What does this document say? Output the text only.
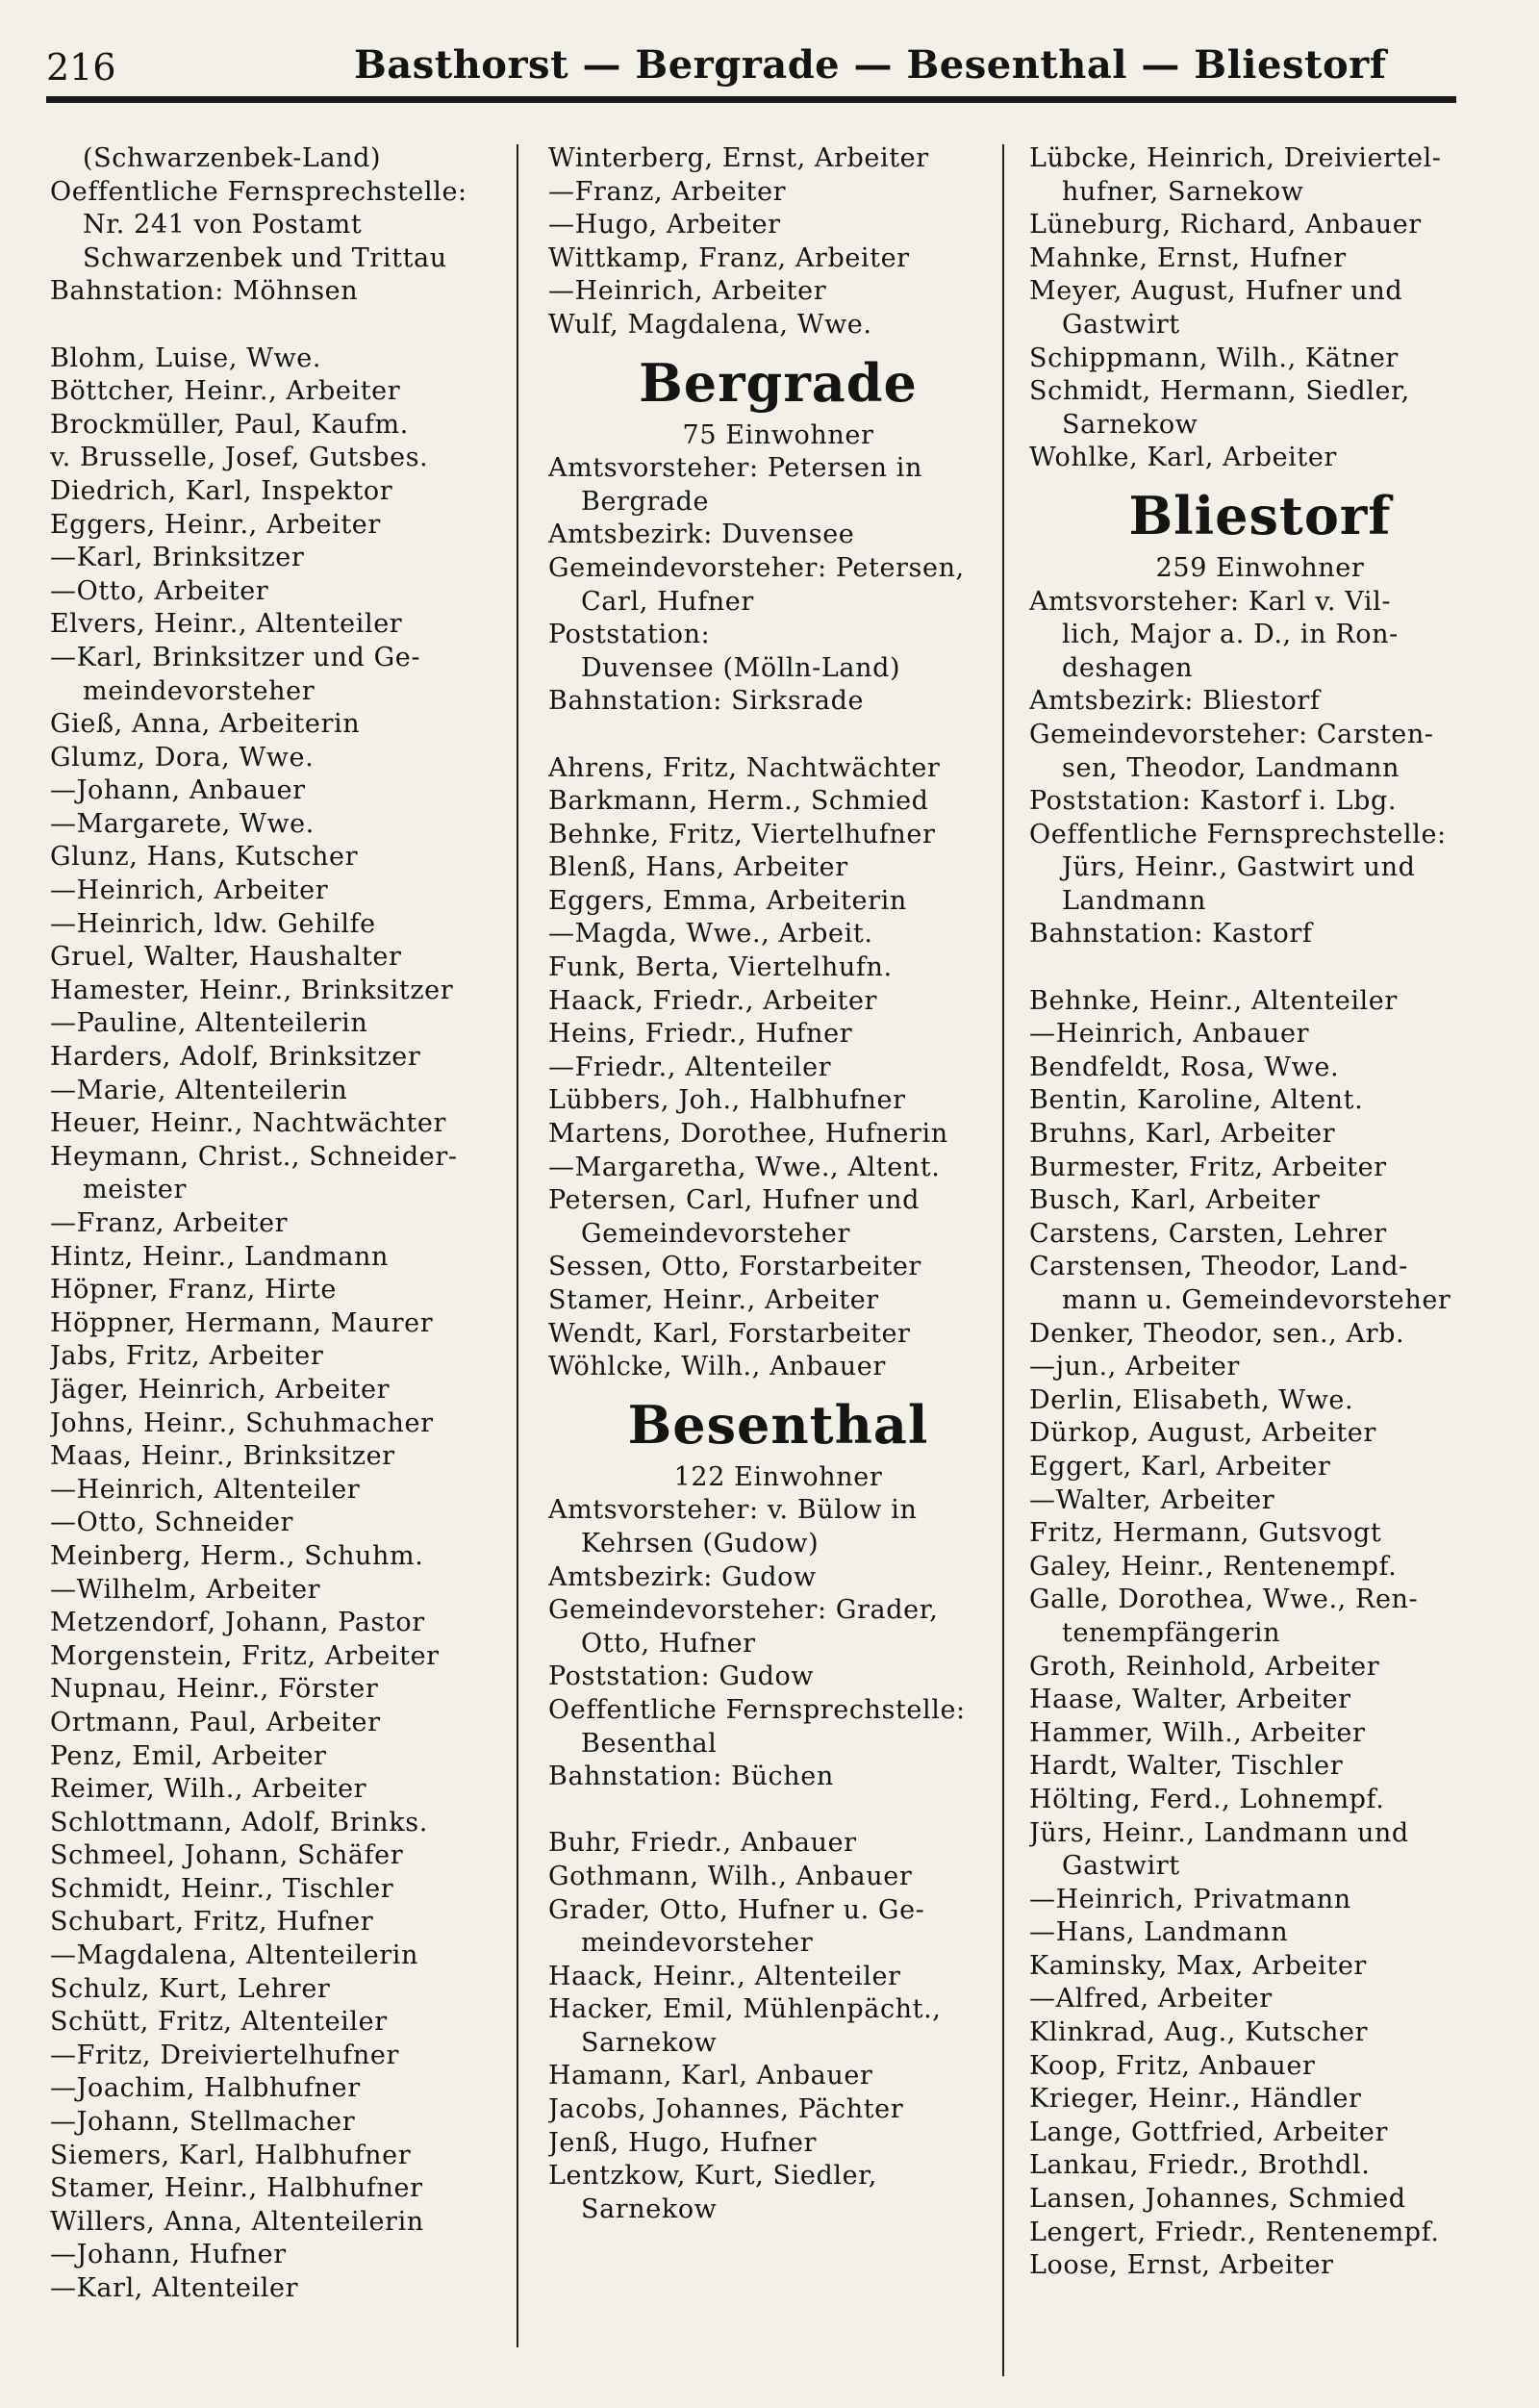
216	Basthorst — Bergrade — Besenthal — Bliestorf
(Schwarzenbek-Land)
Oeffentliche Fernsprechstelle:
Nr. 241 von Postamt
Schwarzenbek und Trittau
Bahnstation: Möhnsen
Blohm, Luise, Wwe.
Böttcher, Heinr., Arbeiter
Brockmüller, Paul, Kaufm.
v. Brusselle, Josef, Gutsbes.
Diedrich, Karl, Inspektor
Eggers, Heinr., Arbeiter
—Karl, Brinksitzer
—Otto, Arbeiter
Elvers, Heinr., Altenteiler
—Karl, Brinksitzer und Ge-
meindevorsteher
Gieß, Anna, Arbeiterin
Glumz, Dora, Wwe.
—Johann, Anbauer
—Margarete, Wwe.
Glunz, Hans, Kutscher
—Heinrich, Arbeiter
—Heinrich, ldw. Gehilfe
Gruel, Walter, Haushalter
Hamester, Heinr., Brinksitzer
—Pauline, Altenteilerin
Harders, Adolf, Brinksitzer
—Marie, Altenteilerin
Heuer, Heinr., Nachtwächter
Heymann, Christ., Schneider-
meister
—Franz, Arbeiter
Hintz, Heinr., Landmann
Höpner, Franz, Hirte
Höppner, Hermann, Maurer
Jabs, Fritz, Arbeiter
Jäger, Heinrich, Arbeiter
Johns, Heinr., Schuhmacher
Maas, Heinr., Brinksitzer
—Heinrich, Altenteiler
—Otto, Schneider
Meinberg, Herm., Schuhm.
—Wilhelm, Arbeiter
Metzendorf, Johann, Pastor
Morgenstein, Fritz, Arbeiter
Nupnau, Heinr., Förster
Ortmann, Paul, Arbeiter
Penz, Emil, Arbeiter
Reimer, Wilh., Arbeiter
Schlottmann, Adolf, Brinks.
Schmeel, Johann, Schäfer
Schmidt, Heinr., Tischler
Schubart, Fritz, Hufner
—Magdalena, Altenteilerin
Schulz, Kurt, Lehrer
Schütt, Fritz, Altenteiler
—Fritz, Dreiviertelhufner
—Joachim, Halbhufner
—Johann, Stellmacher
Siemers, Karl, Halbhufner
Stamer, Heinr., Halbhufner
Willers, Anna, Altenteilerin
—Johann, Hufner
—Karl, Altenteiler
Winterberg, Ernst, Arbeiter
—Franz, Arbeiter
—Hugo, Arbeiter
Wittkamp, Franz, Arbeiter
—Heinrich, Arbeiter
Wulf, Magdalena, Wwe.
Bergrade
75 Einwohner
Amtsvorsteher: Petersen in
Bergrade
Amtsbezirk: Duvensee
Gemeindevorsteher: Petersen,
Carl, Hufner
Poststation:
Duvensee (Mölln-Land)
Bahnstation: Sirksrade
Ahrens, Fritz, Nachtwächter
Barkmann, Herm., Schmied
Behnke, Fritz, Viertelhufner
Blenß, Hans, Arbeiter
Eggers, Emma, Arbeiterin
—Magda, Wwe., Arbeit.
Funk, Berta, Viertelhufn.
Haack, Friedr., Arbeiter
Heins, Friedr., Hufner
—Friedr., Altenteiler
Lübbers, Joh., Halbhufner
Martens, Dorothee, Hufnerin
—Margaretha, Wwe., Altent.
Petersen, Carl, Hufner und
Gemeindevorsteher
Sessen, Otto, Forstarbeiter
Stamer, Heinr., Arbeiter
Wendt, Karl, Forstarbeiter
Wöhlcke, Wilh., Anbauer
Besenthal
122 Einwohner
Amtsvorsteher: v. Bülow in
Kehrsen (Gudow)
Amtsbezirk: Gudow
Gemeindevorsteher: Grader,
Otto, Hufner
Poststation: Gudow
Oeffentliche Fernsprechstelle:
Besenthal
Bahnstation: Büchen
Buhr, Friedr., Anbauer
Gothmann, Wilh., Anbauer
Grader, Otto, Hufner u. Ge-
meindevorsteher
Haack, Heinr., Altenteiler
Hacker, Emil, Mühlenpächt.,
Sarnekow
Hamann, Karl, Anbauer
Jacobs, Johannes, Pächter
Jenß, Hugo, Hufner
Lentzkow, Kurt, Siedler,
Sarnekow
Lübcke, Heinrich, Dreiviertel-
hufner, Sarnekow
Lüneburg, Richard, Anbauer
Mahnke, Ernst, Hufner
Meyer, August, Hufner und
Gastwirt
Schippmann, Wilh., Kätner
Schmidt, Hermann, Siedler,
Sarnekow
Wohlke, Karl, Arbeiter
Bliestorf
259 Einwohner
Amtsvorsteher: Karl v. Vil-
lich, Major a. D., in Ron-
deshagen
Amtsbezirk: Bliestorf
Gemeindevorsteher: Carsten-
sen, Theodor, Landmann
Poststation: Kastorf i. Lbg.
Oeffentliche Fernsprechstelle:
Jürs, Heinr., Gastwirt und
Landmann
Bahnstation: Kastorf
Behnke, Heinr., Altenteiler
—Heinrich, Anbauer
Bendfeldt, Rosa, Wwe.
Bentin, Karoline, Altent.
Bruhns, Karl, Arbeiter
Burmester, Fritz, Arbeiter
Busch, Karl, Arbeiter
Carstens, Carsten, Lehrer
Carstensen, Theodor, Land-
mann u. Gemeindevorsteher
Denker, Theodor, sen., Arb.
—jun., Arbeiter
Derlin, Elisabeth, Wwe.
Dürkop, August, Arbeiter
Eggert, Karl, Arbeiter
—Walter, Arbeiter
Fritz, Hermann, Gutsvogt
Galey, Heinr., Rentenempf.
Galle, Dorothea, Wwe., Ren-
tenempfängerin
Groth, Reinhold, Arbeiter
Haase, Walter, Arbeiter
Hammer, Wilh., Arbeiter
Hardt, Walter, Tischler
Hölting, Ferd., Lohnempf.
Jürs, Heinr., Landmann und
Gastwirt
—Heinrich, Privatmann
—Hans, Landmann
Kaminsky, Max, Arbeiter
—Alfred, Arbeiter
Klinkrad, Aug., Kutscher
Koop, Fritz, Anbauer
Krieger, Heinr., Händler
Lange, Gottfried, Arbeiter
Lankau, Friedr., Brothdl.
Lansen, Johannes, Schmied
Lengert, Friedr., Rentenempf.
Loose, Ernst, Arbeiter
